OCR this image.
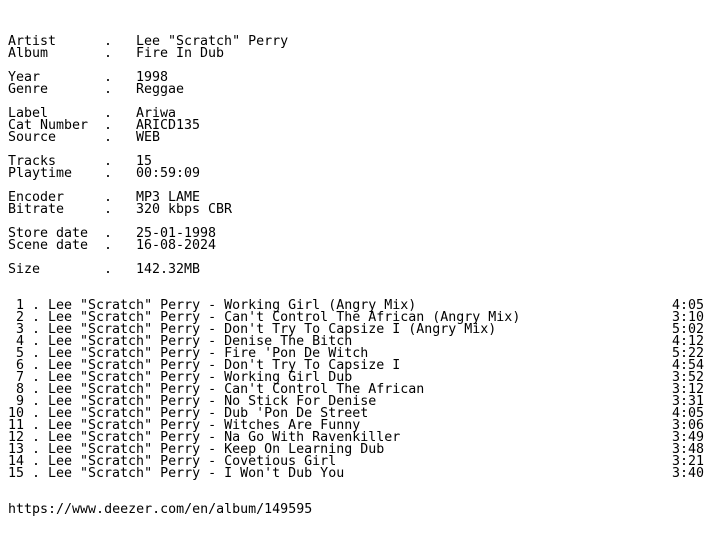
Artist	.	Lee "Scratch" Perry
Album	.	Fire In Dub
Year	.	1998
Genre	.	Reggae
Label	.	Ariwa
Cat Number	.	ARICD135
Source	.	WEB
Tracks	.	15
Playtime	.	00:59:09
Encoder	.	MP3 LAME
Bitrate	.	320 kbps CBR
Store date	.	25-01-1998
Scene date	.	16-08-2024
Size	.	142.32MB
1 . Lee "Scratch" Perry - Working Girl (Angry Mix)	4:05
2 . Lee "Scratch" Perry - Can't Control The African (Angry Mix)	3:10
3 . Lee "Scratch" Perry - Don't Try To Capsize I (Angry Mix)	5:02
4 . Lee "Scratch" Perry - Denise The Bitch	4:12
5 . Lee "Scratch" Perry - Fire 'Pon De Witch	5:22
6 . Lee "Scratch" Perry - Don't Try To Capsize I	4:54
7 . Lee "Scratch" Perry - Working Girl Dub	3:52
8 . Lee "Scratch" Perry - Can't Control The African	3:12
9 . Lee "Scratch" Perry - No Stick For Denise	3:31
10 . Lee "Scratch" Perry - Dub 'Pon De Street	4:05
11 . Lee "Scratch" Perry - Witches Are Funny	3:06
12 . Lee "Scratch" Perry - Na Go With Ravenkiller	3:49
13 . Lee "Scratch" Perry - Keep On Learning Dub	3:48
14 . Lee "Scratch" Perry - Covetious Girl	3:21
15 . Lee "Scratch" Perry - I Won't Dub You	3:40
https://www.deezer.com/en/album/149595
